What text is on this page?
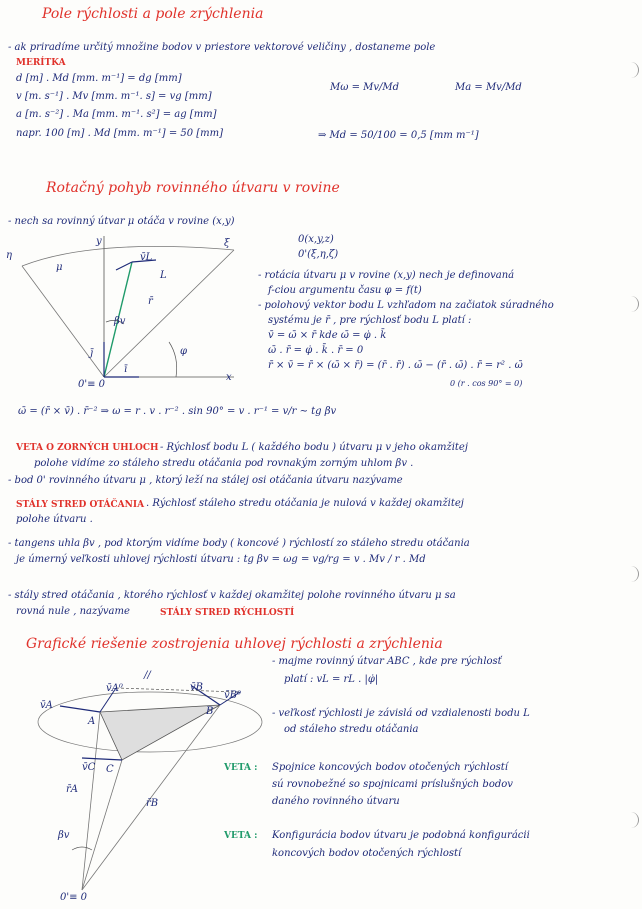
Pole rýchlosti a pole zrýchlenia
- ak priradíme určitý množine bodov v priestore vektorové veličiny , dostaneme pole
MERÍTKA
d [m] . Md [mm. m⁻¹] = dg [mm]
v [m. s⁻¹] . Mv [mm. m⁻¹. s] = vg [mm]
a [m. s⁻²] . Ma [mm. m⁻¹. s²] = ag [mm]
napr. 100 [m] . Md [mm. m⁻¹] = 50 [mm]
Mω = Mv/Md	Ma = Mv/Md
⇒ Md = 50/100 = 0,5 [mm m⁻¹]
Rotačný pohyb rovinného útvaru v rovine
- nech sa rovinný útvar μ otáča v rovine (x,y)
0(x,y,z)
0'(ξ,η,ζ)
η
ξ
μ
y
x
v̄L
L
r̄
βv
φ
j̄
ī
0'≡ 0
- rotácia útvaru μ v rovine (x,y) nech je definovaná
f-ciou argumentu času φ = f(t)
- polohový vektor bodu L vzhľadom na začiatok súradného
systému je r̄ , pre rýchlosť bodu L platí :
v̄ = ω̄ × r̄ kde ω̄ = φ̇ . k̄
ω̄ . r̄ = φ̇ . k̄ . r̄ = 0
r̄ × v̄ = r̄ × (ω̄ × r̄) = (r̄ . r̄) . ω̄ − (r̄ . ω̄) . r̄ = r² . ω̄
0 (r . cos 90° = 0)
ω̄ = (r̄ × v̄) . r̄⁻² ⇒ ω = r . v . r⁻² . sin 90° = v . r⁻¹ = v/r ∼ tg βv
VETA O ZORNÝCH UHLOCH - Rýchlosť bodu L ( každého bodu ) útvaru μ v jeho okamžitej
polohe vidíme zo stáleho stredu otáčania pod rovnakým zorným uhlom βv .
- bod 0' rovinného útvaru μ , ktorý leží na stálej osi otáčania útvaru nazývame
STÁLY STRED OTÁČANIA . Rýchlosť stáleho stredu otáčania je nulová v každej okamžitej
polohe útvaru .
- tangens uhla βv , pod ktorým vidíme body ( koncové ) rýchlostí zo stáleho stredu otáčania
je úmerný veľkosti uhlovej rýchlosti útvaru : tg βv = ωg = vg/rg = v . Mv / r . Md
- stály stred otáčania , ktorého rýchlosť v každej okamžitej polohe rovinného útvaru μ sa
rovná nule , nazývame	STÁLY STRED RÝCHLOSTÍ
Grafické riešenie zostrojenia uhlovej rýchlosti a zrýchlenia
v̄A
v̄A⁰	v̄B
v̄B⁰
v̄C
A
B
C
r̄A
r̄B
βv
//
0'≡ 0
- majme rovinný útvar ABC , kde pre rýchlosť
platí : vL = rL . |φ̇|
- veľkosť rýchlosti je závislá od vzdialenosti bodu L
od stáleho stredu otáčania
VETA : Spojnice koncových bodov otočených rýchlostí
sú rovnobežné so spojnicami príslušných bodov
daného rovinného útvaru
VETA : Konfigurácia bodov útvaru je podobná konfigurácii
koncových bodov otočených rýchlostí
